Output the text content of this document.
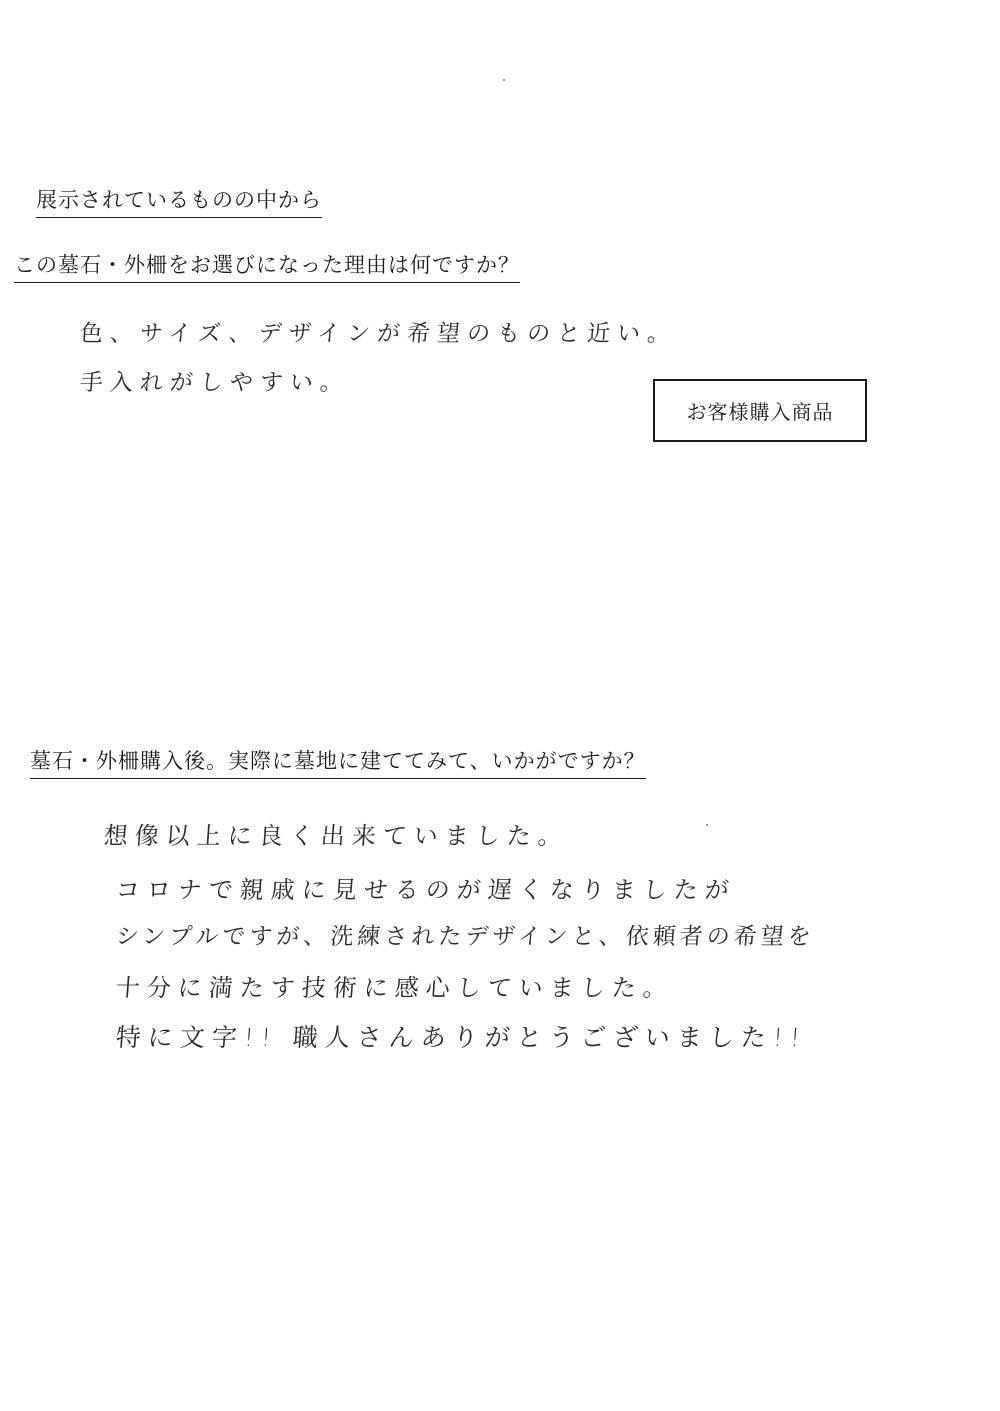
展示されているものの中から
この墓石・外柵をお選びになった理由は何ですか？
色、サイズ、デザインが希望のものと近い。
手入れがしやすい。
お客様購入商品
墓石・外柵購入後。実際に墓地に建ててみて、いかがですか？
想像以上に良く出来ていました。
コロナで親戚に見せるのが遅くなりましたが
シンプルですが、洗練されたデザインと、依頼者の希望を
十分に満たす技術に感心していました。
特に文字!! 職人さんありがとうございました!!
